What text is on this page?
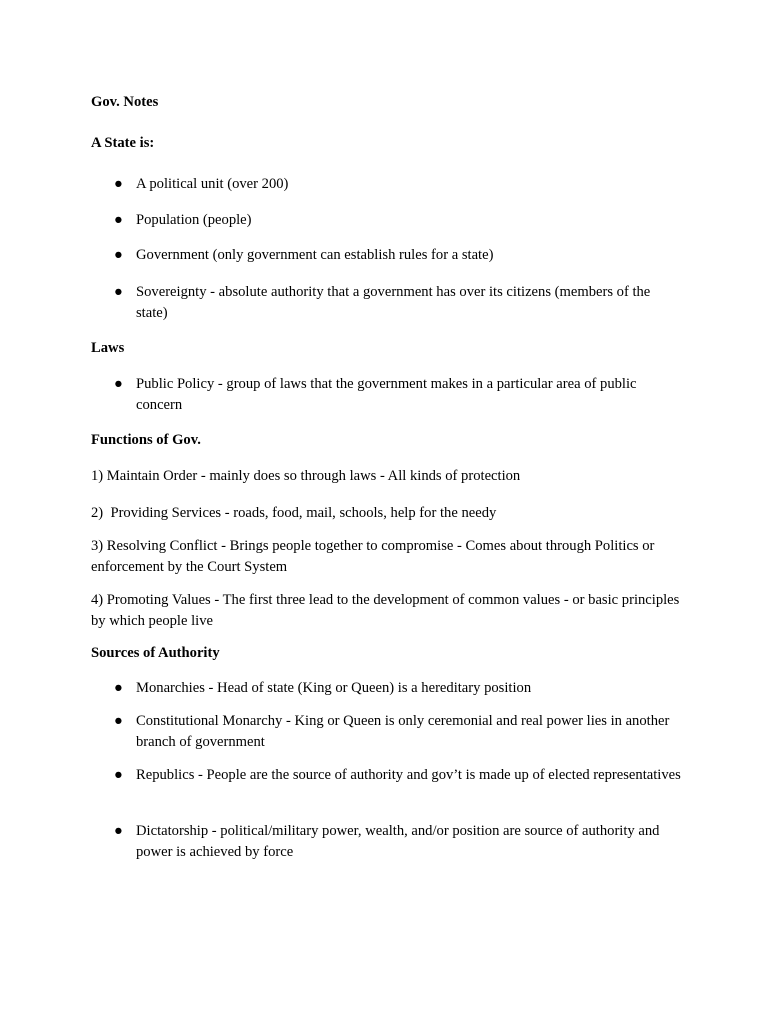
Gov. Notes

A State is:

● A political unit (over 200)
● Population (people)
● Government (only government can establish rules for a state)
● Sovereignty - absolute authority that a government has over its citizens (members of the state)

Laws

● Public Policy - group of laws that the government makes in a particular area of public concern

Functions of Gov.

1) Maintain Order - mainly does so through laws - All kinds of protection

2)  Providing Services - roads, food, mail, schools, help for the needy

3) Resolving Conflict - Brings people together to compromise - Comes about through Politics or enforcement by the Court System

4) Promoting Values - The first three lead to the development of common values - or basic principles by which people live

Sources of Authority

● Monarchies - Head of state (King or Queen) is a hereditary position
● Constitutional Monarchy - King or Queen is only ceremonial and real power lies in another branch of government
● Republics - People are the source of authority and gov’t is made up of elected representatives
● Dictatorship - political/military power, wealth, and/or position are source of authority and power is achieved by force
